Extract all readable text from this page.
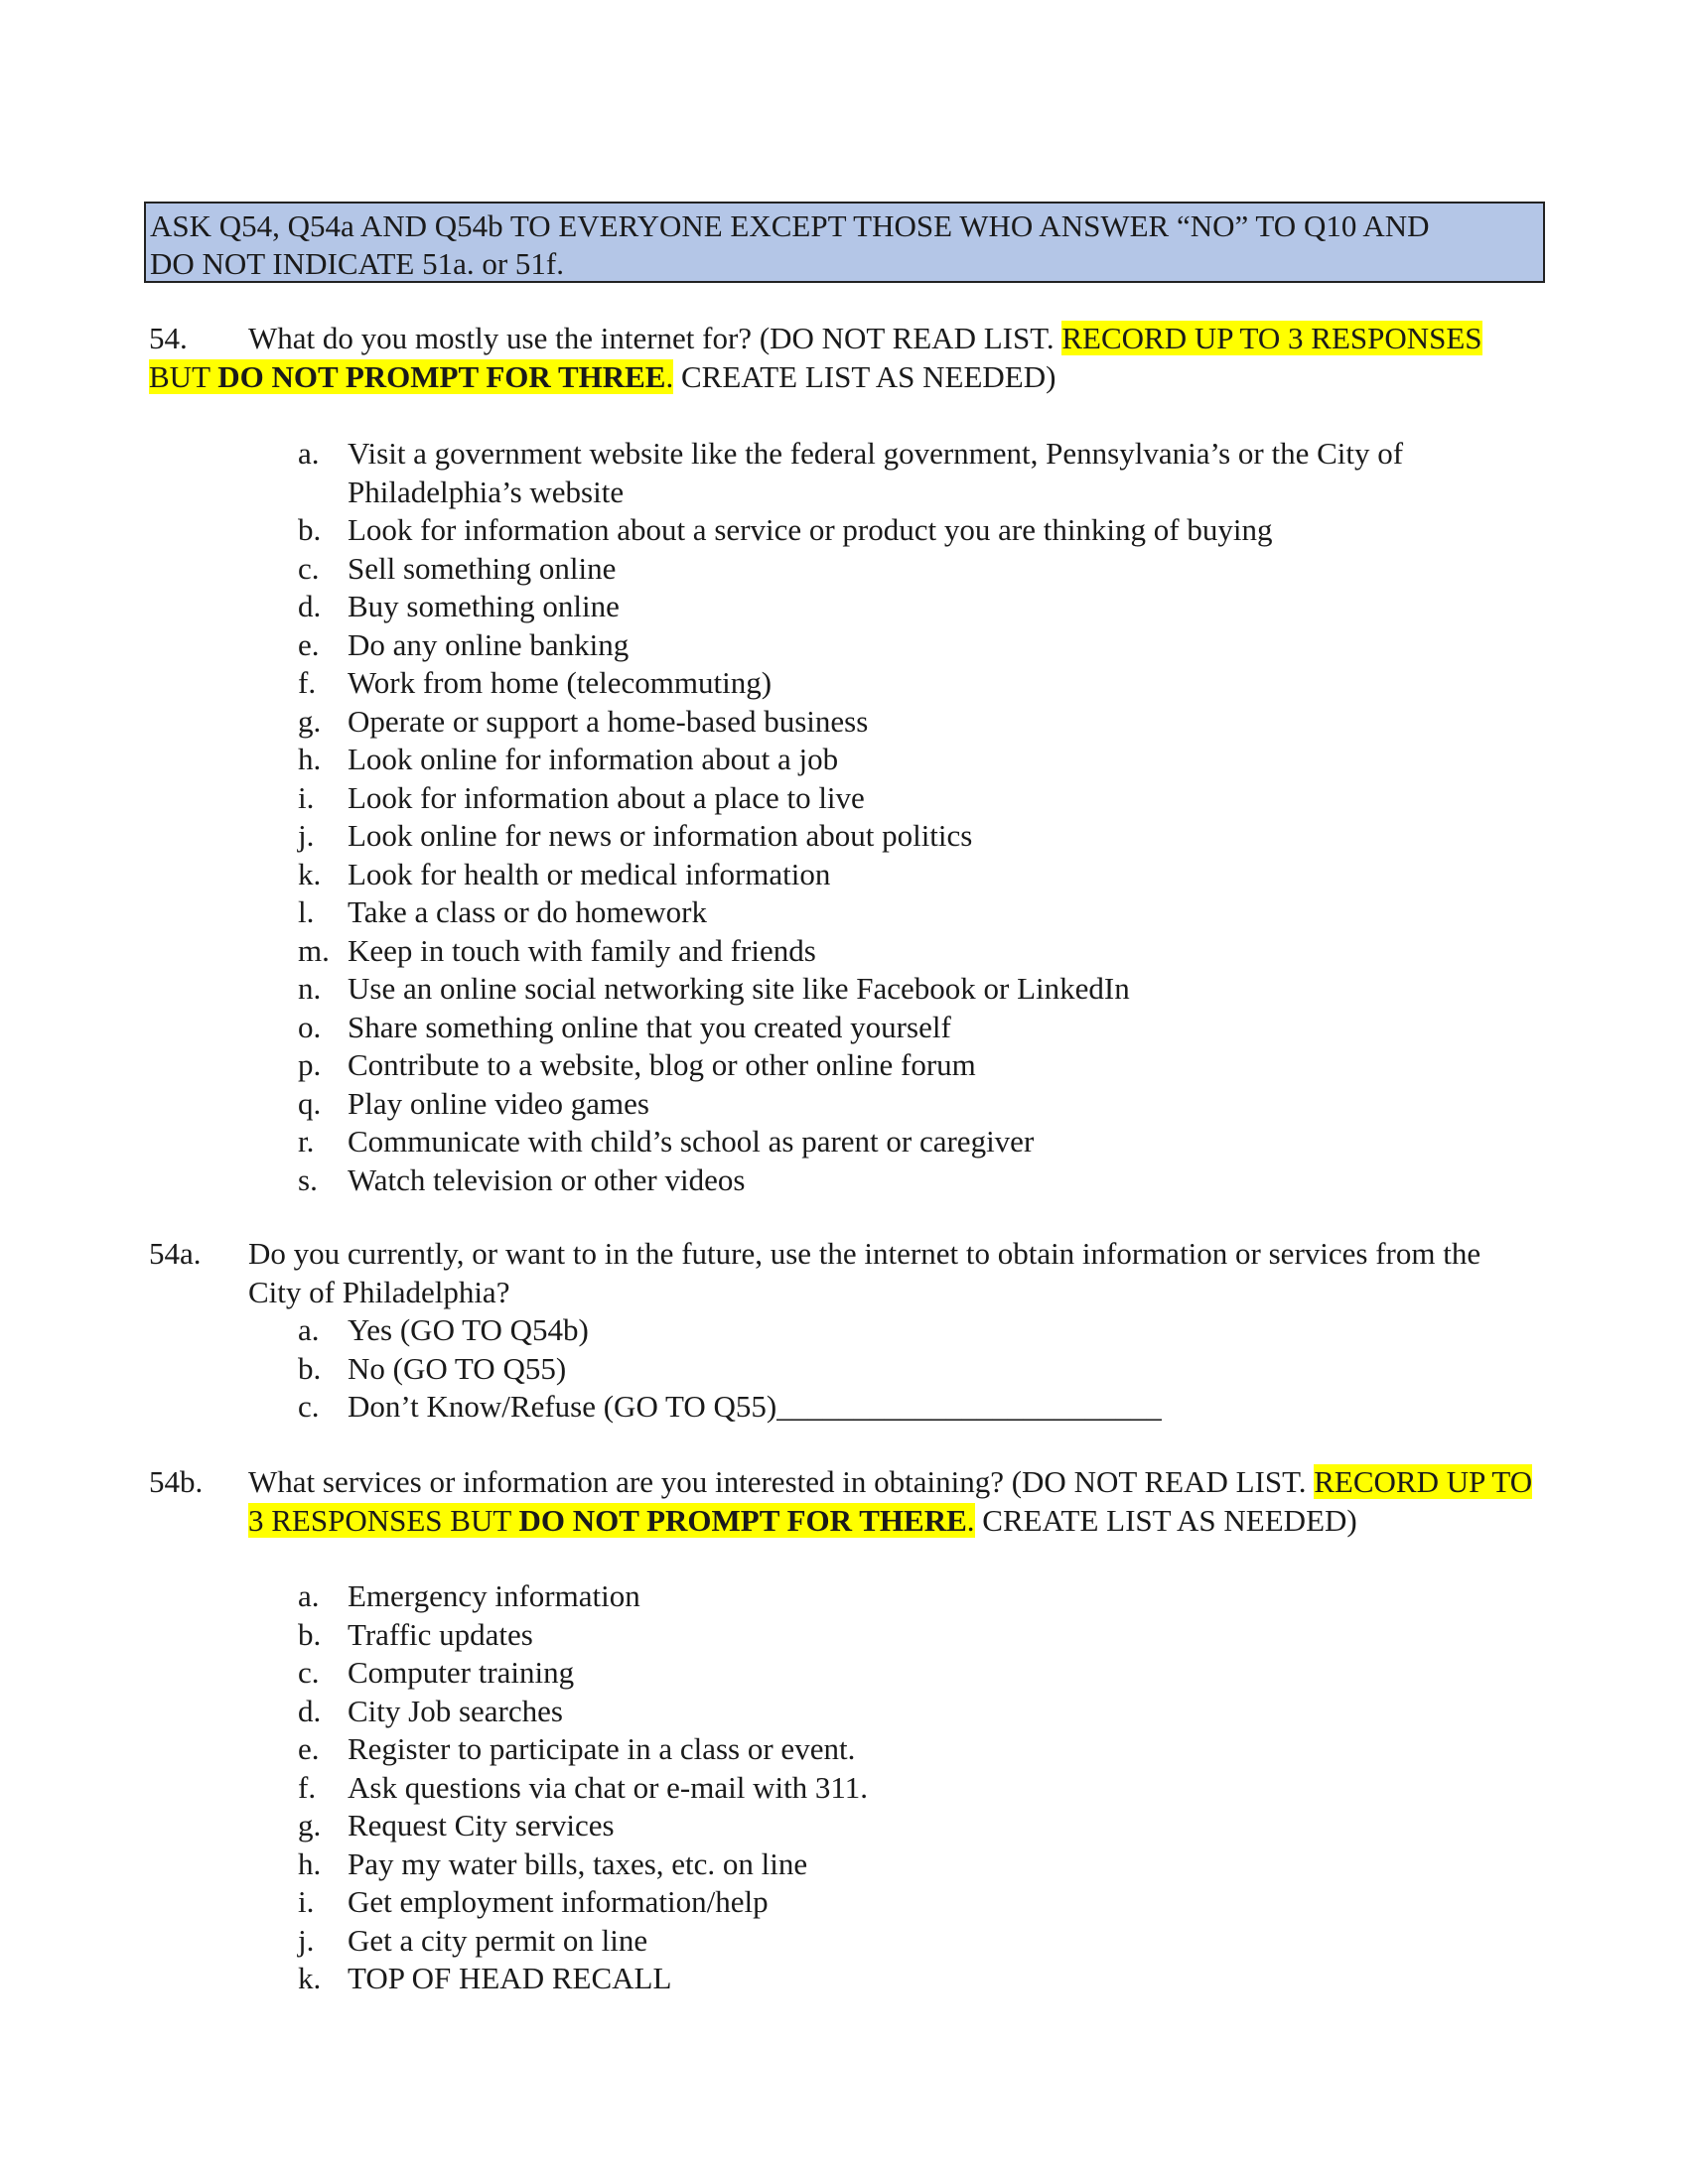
ASK Q54, Q54a AND Q54b TO EVERYONE EXCEPT THOSE WHO ANSWER “NO” TO Q10 AND
DO NOT INDICATE 51a. or 51f.
54.	What do you mostly use the internet for? (DO NOT READ LIST. RECORD UP TO 3 RESPONSES BUT DO NOT PROMPT FOR THREE. CREATE LIST AS NEEDED)
a. Visit a government website like the federal government, Pennsylvania’s or the City of Philadelphia’s website
b. Look for information about a service or product you are thinking of buying
c. Sell something online
d. Buy something online
e. Do any online banking
f.	Work from home (telecommuting)
g. Operate or support a home-based business
h. Look online for information about a job
i.	Look for information about a place to live
j.	Look online for news or information about politics
k. Look for health or medical information
l.	Take a class or do homework
m. Keep in touch with family and friends
n. Use an online social networking site like Facebook or LinkedIn
o. Share something online that you created yourself
p. Contribute to a website, blog or other online forum
q. Play online video games
r.	Communicate with child’s school as parent or caregiver
s. Watch television or other videos
54a. Do you currently, or want to in the future, use the internet to obtain information or services from the City of Philadelphia?
a. Yes (GO TO Q54b)
b. No (GO TO Q55)
c. Don’t Know/Refuse (GO TO Q55)_________________________
54b. What services or information are you interested in obtaining? (DO NOT READ LIST. RECORD UP TO 3 RESPONSES BUT DO NOT PROMPT FOR THERE. CREATE LIST AS NEEDED)
a. Emergency information
b. Traffic updates
c. Computer training
d. City Job searches
e. Register to participate in a class or event.
f.	Ask questions via chat or e-mail with 311.
g. Request City services
h. Pay my water bills, taxes, etc. on line
i.	Get employment information/help
j.	Get a city permit on line
k. TOP OF HEAD RECALL
